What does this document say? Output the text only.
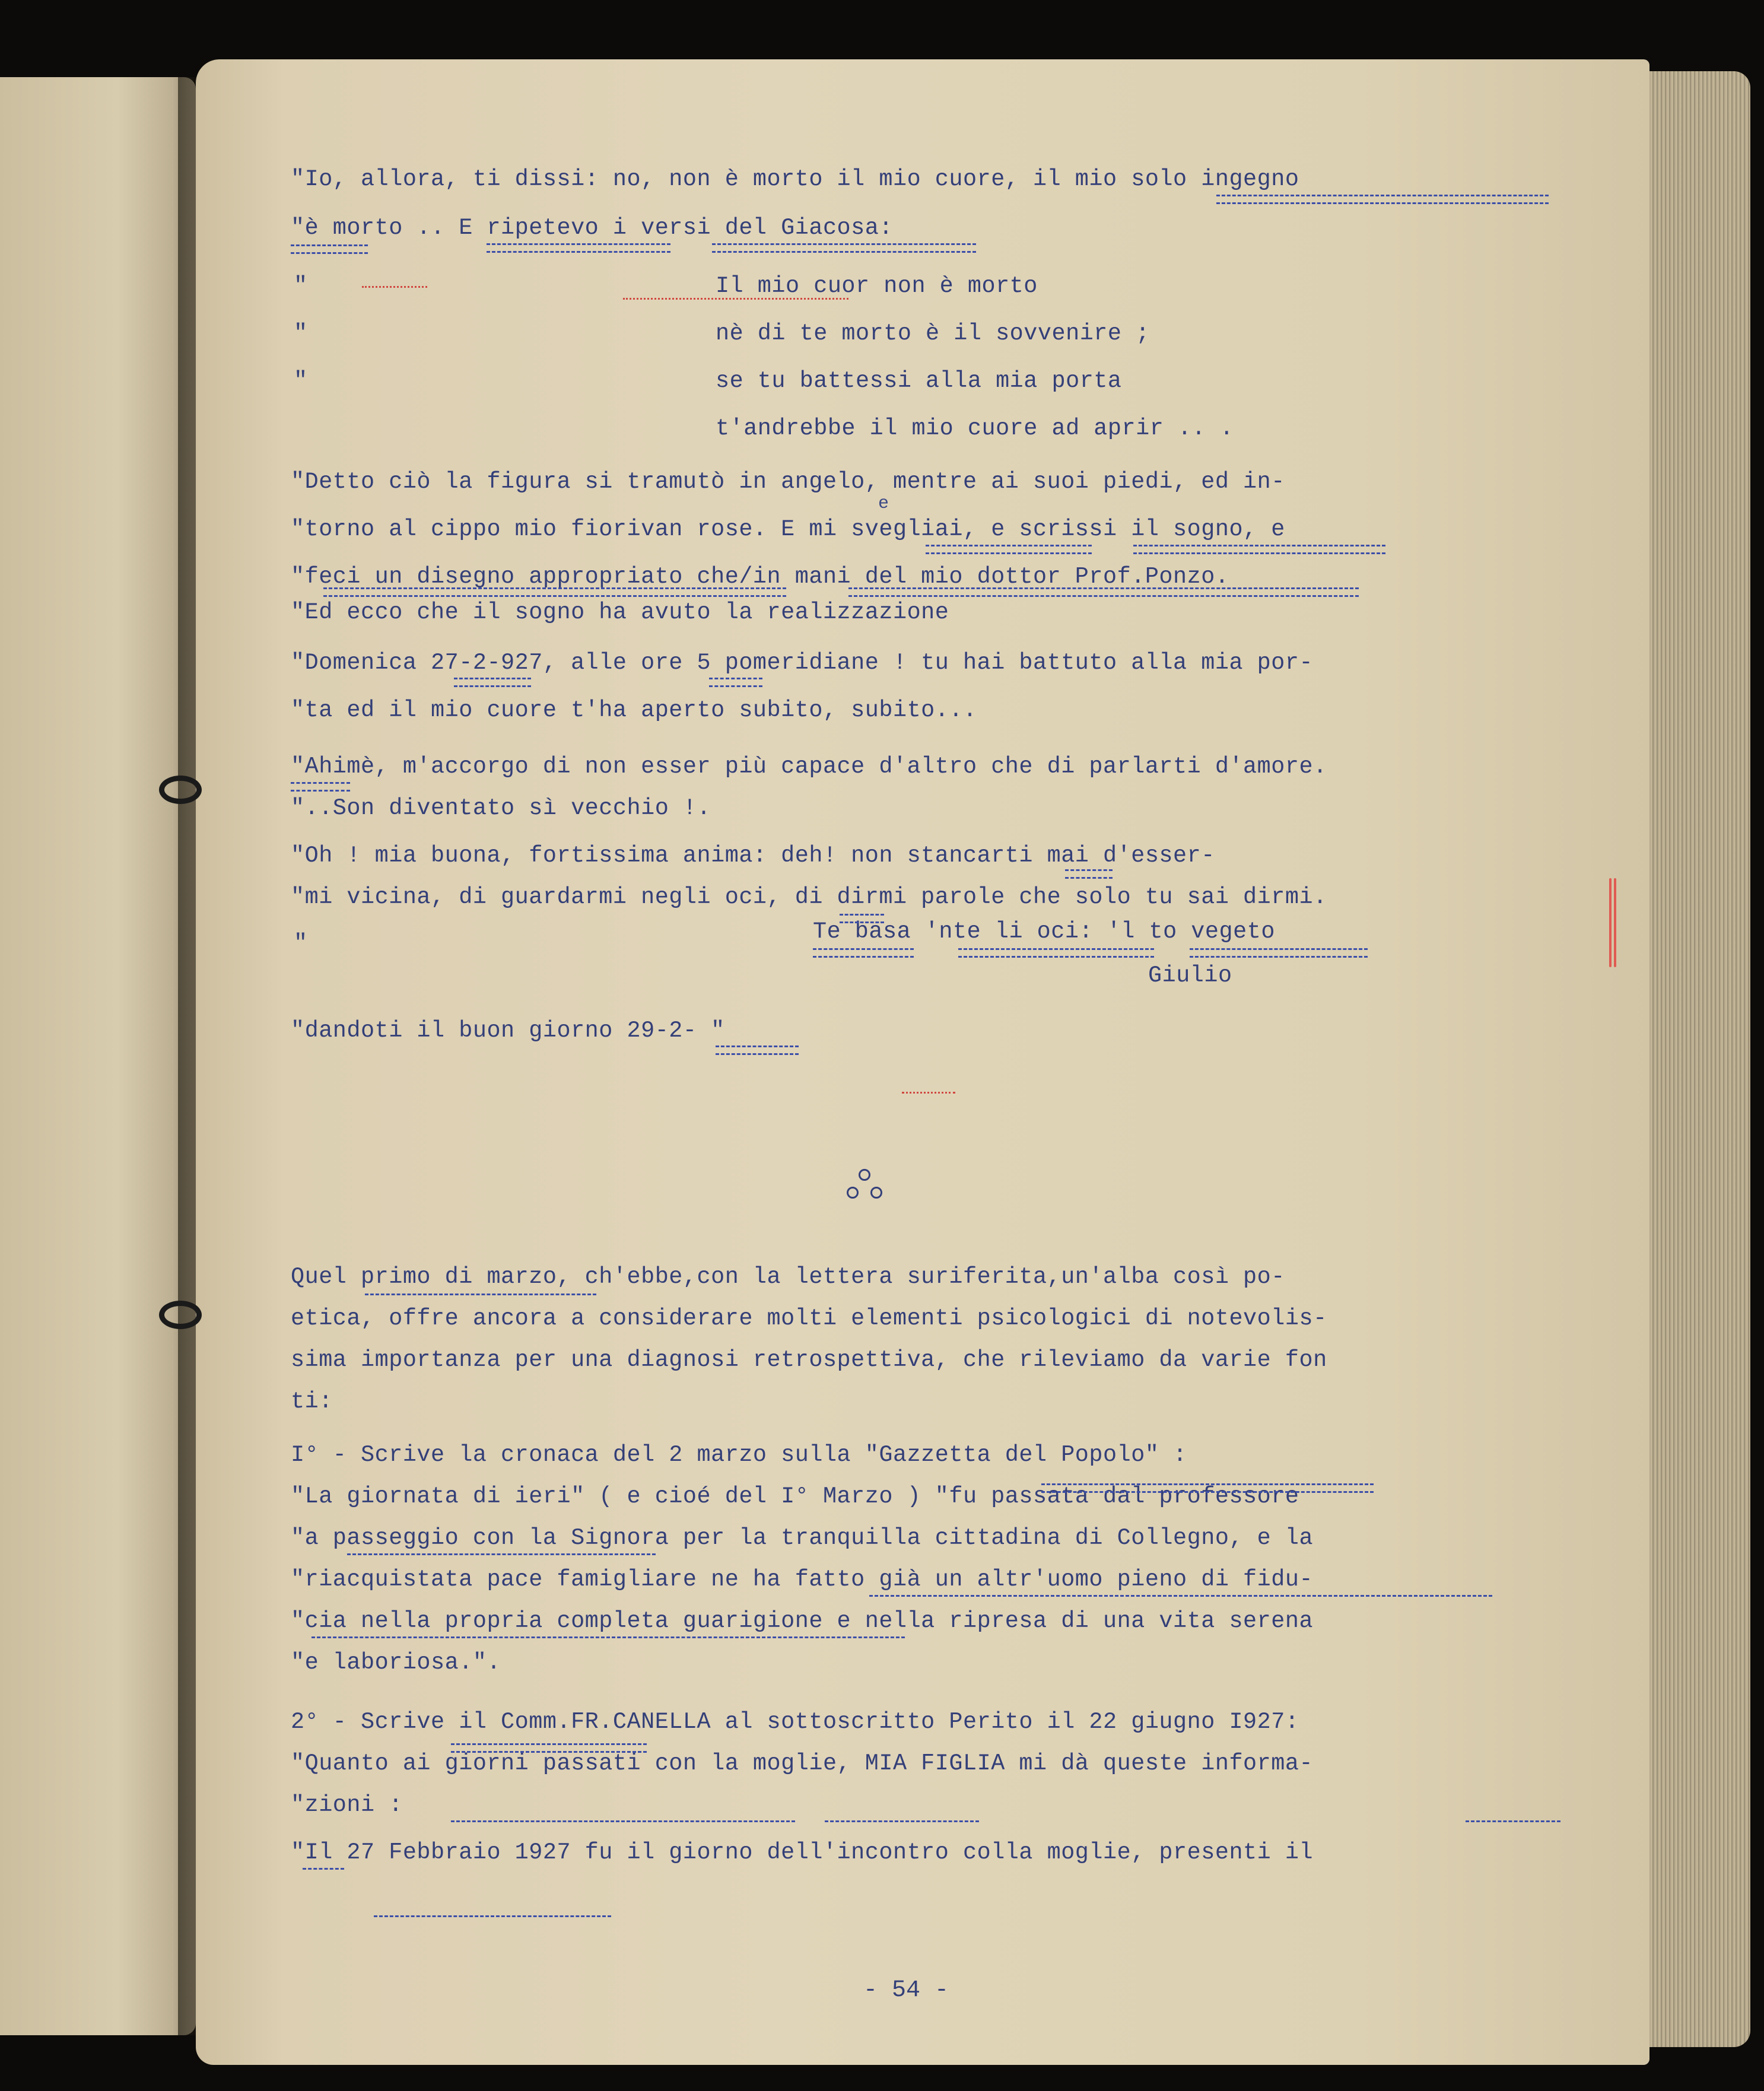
"Io, allora, ti dissi: no, non è morto il mio cuore, il mio solo ingegno
"è morto .. E ripetevo i versi del Giacosa:
"	Il mio cuor non è morto
"	nè di te morto è il sovvenire ;
"	se tu battessi alla mia porta
t'andrebbe il mio cuore ad aprir .. .
"Detto ciò la figura si tramutò in angelo, mentre ai suoi piedi, ed in-
"torno al cippo mio fiorivan rose. E mi svegliai, e scrissi il sogno, e
e
"feci un disegno appropriato che/in mani del mio dottor Prof.Ponzo.
"Ed ecco che il sogno ha avuto la realizzazione
"Domenica 27-2-927, alle ore 5 pomeridiane ! tu hai battuto alla mia por-
"ta ed il mio cuore t'ha aperto subito, subito...
"Ahimè, m'accorgo di non esser più capace d'altro che di parlarti d'amore.
"..Son diventato sì vecchio !.
"Oh ! mia buona, fortissima anima: deh! non stancarti mai d'esser-
"mi vicina, di guardarmi negli oci, di dirmi parole che solo tu sai dirmi.
"	Te basa 'nte li oci: 'l to vegeto
Giulio
"dandoti il buon giorno 29-2- "
Quel primo di marzo, ch'ebbe,con la lettera suriferita,un'alba così po-
etica, offre ancora a considerare molti elementi psicologici di notevolis-
sima importanza per una diagnosi retrospettiva, che rileviamo da varie fon
ti:
I° - Scrive la cronaca del 2 marzo sulla "Gazzetta del Popolo" :
"La giornata di ieri" ( e cioé del I° Marzo ) "fu passata dal professore
"a passeggio con la Signora per la tranquilla cittadina di Collegno, e la
"riacquistata pace famigliare ne ha fatto già un altr'uomo pieno di fidu-
"cia nella propria completa guarigione e nella ripresa di una vita serena
"e laboriosa.".
2° - Scrive il Comm.FR.CANELLA al sottoscritto Perito il 22 giugno I927:
"Quanto ai giorni passati con la moglie, MIA FIGLIA mi dà queste informa-
"zioni :
"Il 27 Febbraio 1927 fu il giorno dell'incontro colla moglie, presenti il
- 54 -
